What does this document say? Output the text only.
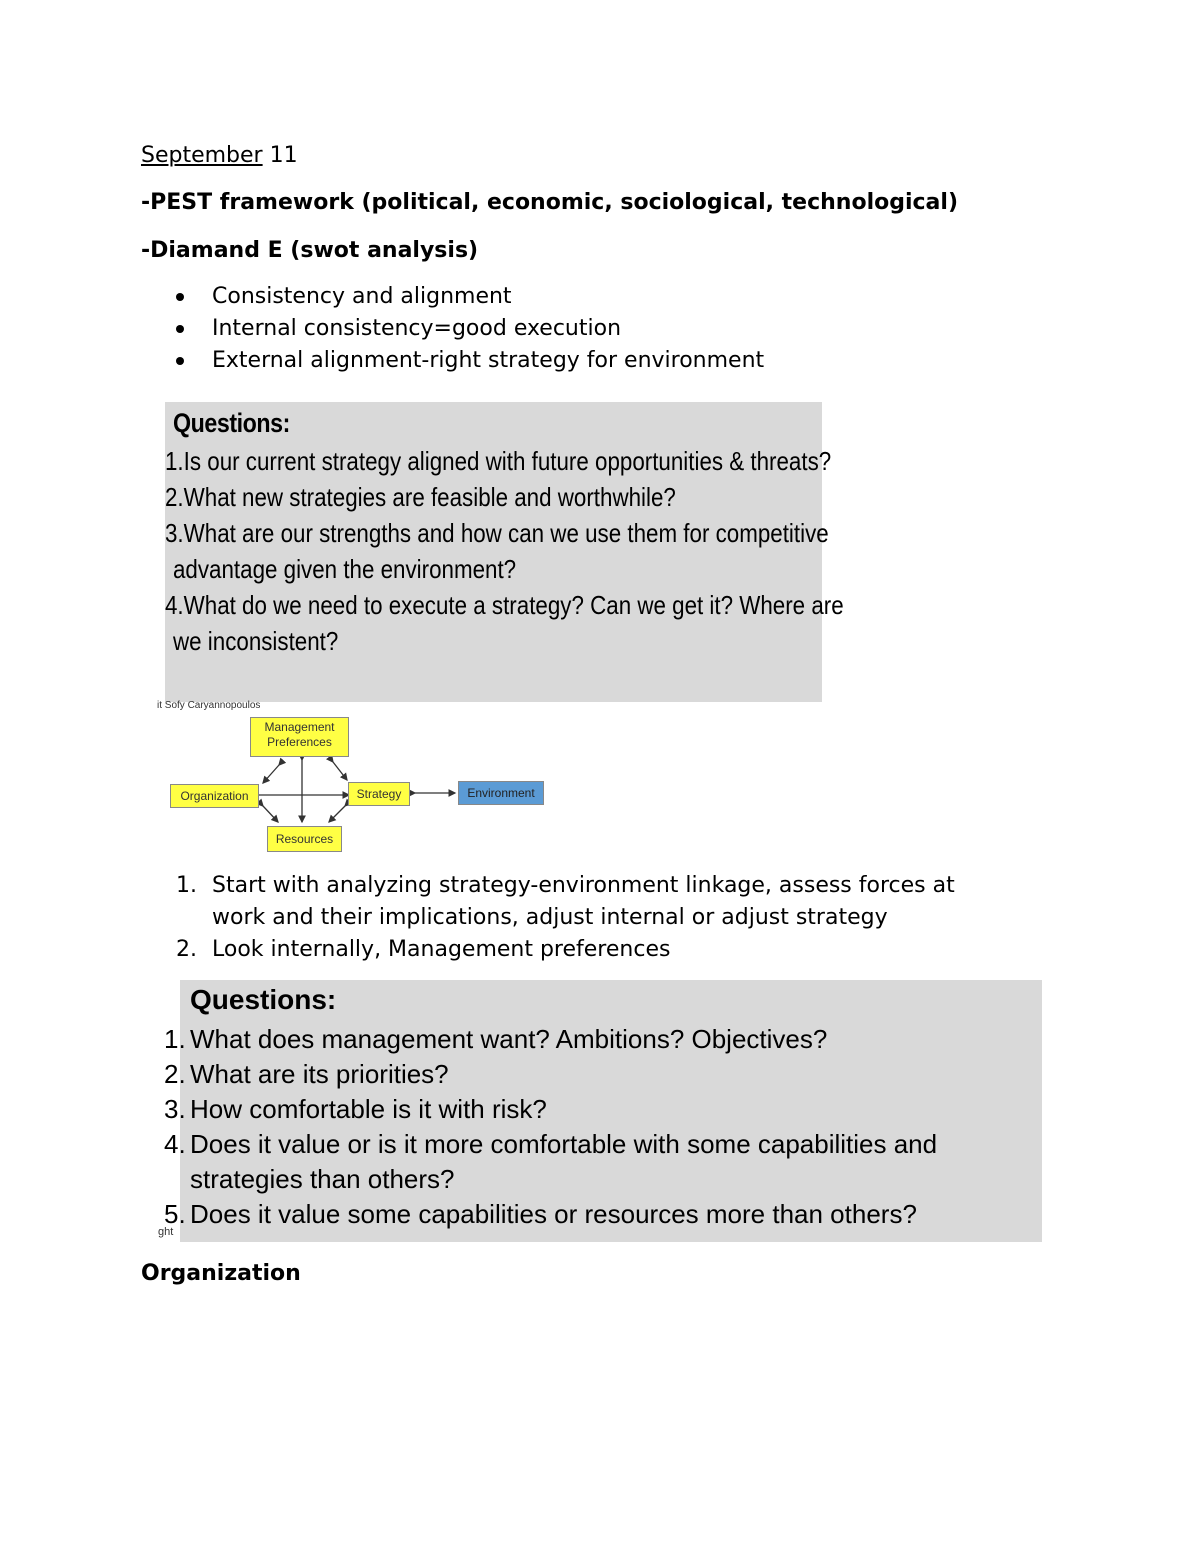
September 11
-PEST framework (political, economic, sociological, technological)
-Diamand E (swot analysis)
Consistency and alignment
Internal consistency=good execution
External alignment-right strategy for environment
Questions:
1.Is our current strategy aligned with future opportunities & threats?
2.What new strategies are feasible and worthwhile?
3.What are our strengths and how can we use them for competitive
advantage given the environment?
4.What do we need to execute a strategy? Can we get it? Where are
we inconsistent?
it Sofy Caryannopoulos
Management
Preferences
Organization	Strategy
Resources
Environment
1. Start with analyzing strategy-environment linkage, assess forces at
work and their implications, adjust internal or adjust strategy
2. Look internally, Management preferences
Questions:
1. What does management want? Ambitions? Objectives?
2. What are its priorities?
3. How comfortable is it with risk?
4. Does it value or is it more comfortable with some capabilities and
strategies than others?
5. Does it value some capabilities or resources more than others?
ght
Organization
